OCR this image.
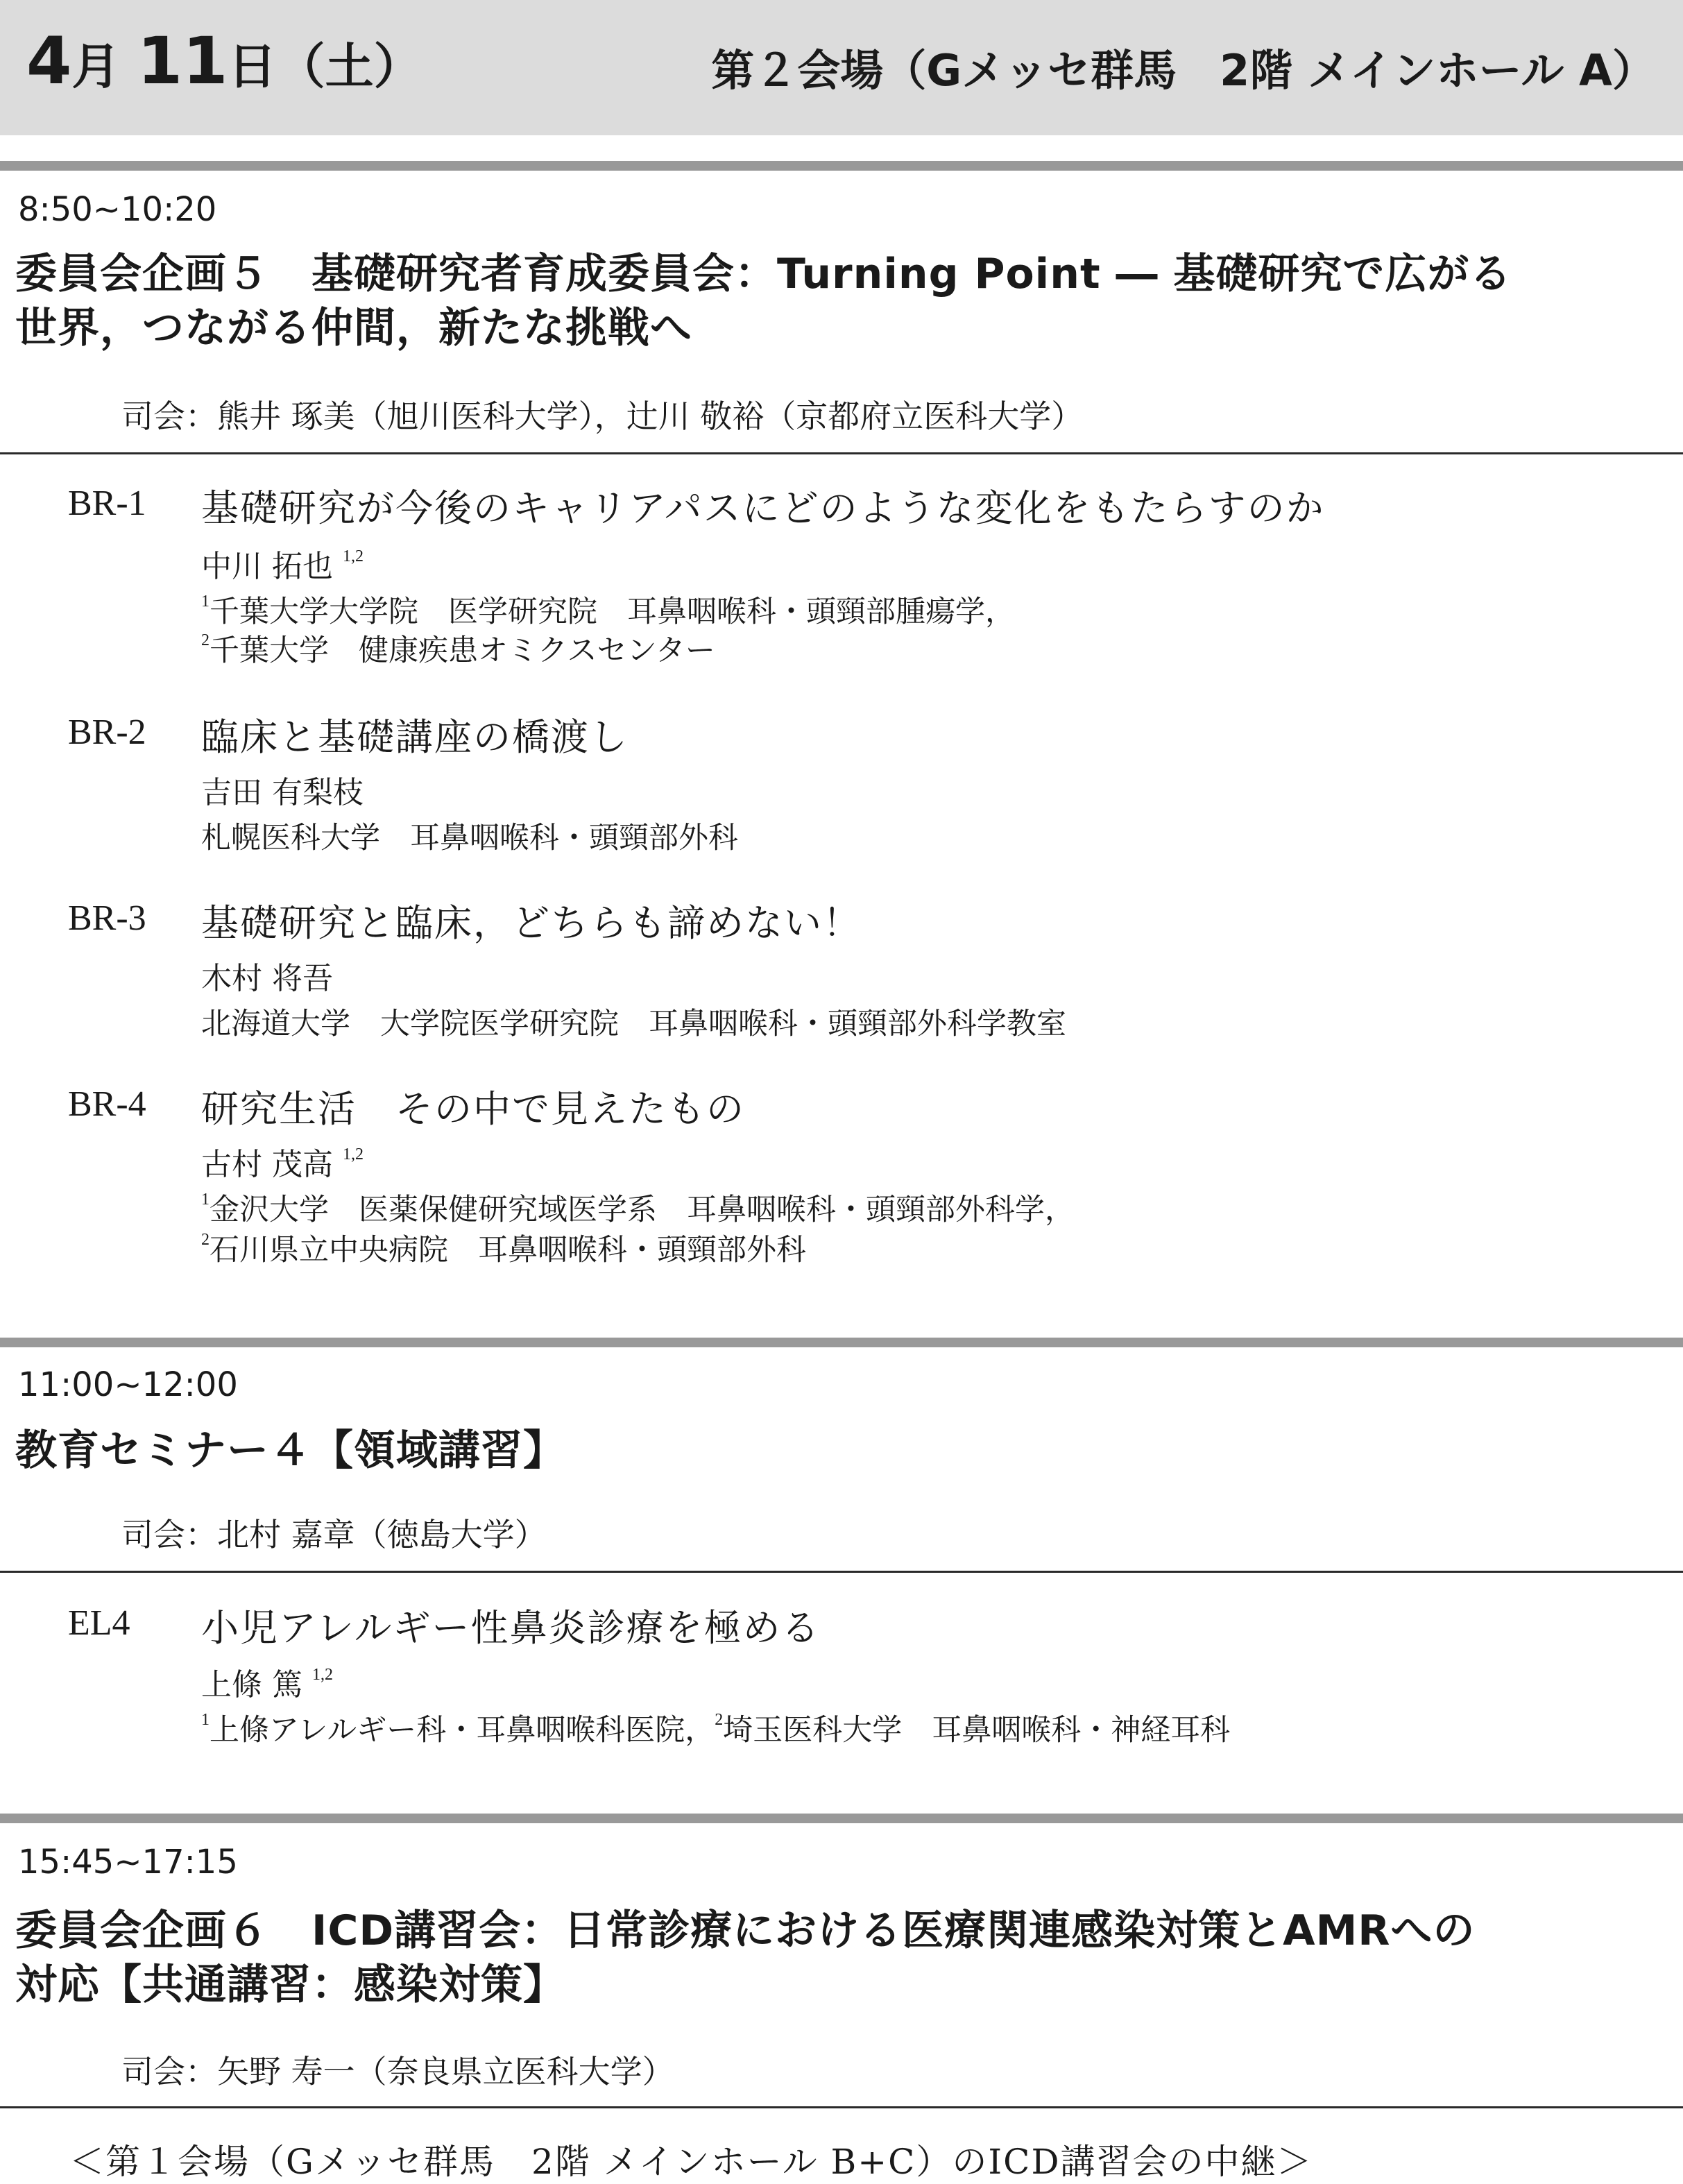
4月 11日（土）	第２会場（Gメッセ群馬　2階 メインホール A）
8:50~10:20
委員会企画５　基礎研究者育成委員会：Turning Point ― 基礎研究で広がる
世界，つながる仲間，新たな挑戦へ
司会：熊井 琢美（旭川医科大学），辻川 敬裕（京都府立医科大学）
BR-1 基礎研究が今後のキャリアパスにどのような変化をもたらすのか
中川 拓也 $^{1,2}$
$^1$千葉大学大学院　医学研究院　耳鼻咽喉科・頭頸部腫瘍学，
$^2$千葉大学　健康疾患オミクスセンター
BR-2 臨床と基礎講座の橋渡し
吉田 有梨枝
札幌医科大学　耳鼻咽喉科・頭頸部外科
BR-3 基礎研究と臨床，どちらも諦めない！
木村 将吾
北海道大学　大学院医学研究院　耳鼻咽喉科・頭頸部外科学教室
BR-4 研究生活　その中で見えたもの
古村 茂高 $^{1,2}$
$^1$金沢大学　医薬保健研究域医学系　耳鼻咽喉科・頭頸部外科学，
$^2$石川県立中央病院　耳鼻咽喉科・頭頸部外科
11:00~12:00
教育セミナー４【領域講習】
司会：北村 嘉章（徳島大学）
EL4 小児アレルギー性鼻炎診療を極める
上條 篤 $^{1,2}$
$^1$上條アレルギー科・耳鼻咽喉科医院，$^2$埼玉医科大学　耳鼻咽喉科・神経耳科
15:45~17:15
委員会企画６　ICD講習会：日常診療における医療関連感染対策とAMRへの
対応【共通講習：感染対策】
司会：矢野 寿一（奈良県立医科大学）
＜第１会場（Gメッセ群馬　2階 メインホール B+C）のICD講習会の中継＞
